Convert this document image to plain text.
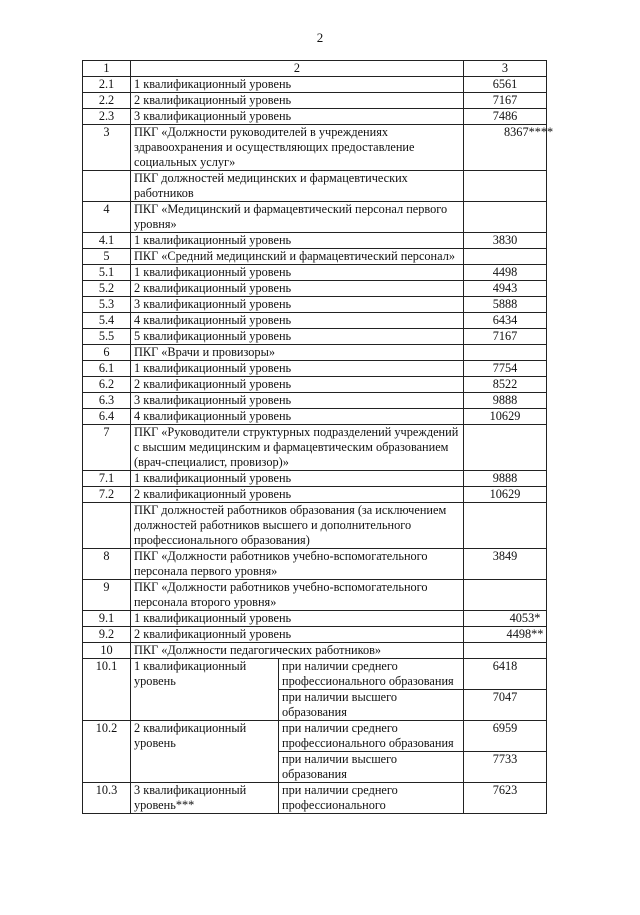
2
1	2		3
2.1	1 квалификационный уровень		6561
2.2	2 квалификационный уровень		7167
2.3	3 квалификационный уровень		7486
3	ПКГ «Должности руководителей в учреждениях здравоохранения и осуществляющих предоставление социальных услуг»		8367****
	ПКГ должностей медицинских и фармацевтических работников		
4	ПКГ «Медицинский и фармацевтический персонал первого уровня»		
4.1	1 квалификационный уровень		3830
5	ПКГ «Средний медицинский и фармацевтический персонал»		
5.1	1 квалификационный уровень		4498
5.2	2 квалификационный уровень		4943
5.3	3 квалификационный уровень		5888
5.4	4 квалификационный уровень		6434
5.5	5 квалификационный уровень		7167
6	ПКГ «Врачи и провизоры»		
6.1	1 квалификационный уровень		7754
6.2	2 квалификационный уровень		8522
6.3	3 квалификационный уровень		9888
6.4	4 квалификационный уровень		10629
7	ПКГ «Руководители структурных подразделений учреждений с высшим медицинским и фармацевтическим образованием (врач-специалист, провизор)»		
7.1	1 квалификационный уровень		9888
7.2	2 квалификационный уровень		10629
	ПКГ должностей работников образования (за исключением должностей работников высшего и дополнительного профессионального образования)		
8	ПКГ «Должности работников учебно-вспомогательного персонала первого уровня»		3849
9	ПКГ «Должности работников учебно-вспомогательного персонала второго уровня»		
9.1	1 квалификационный уровень		4053*
9.2	2 квалификационный уровень		4498**
10	ПКГ «Должности педагогических работников»		
10.1	1 квалификационный уровень	при наличии среднего профессионального образования	6418
		при наличии высшего образования	7047
10.2	2 квалификационный уровень	при наличии среднего профессионального образования	6959
		при наличии высшего образования	7733
10.3	3 квалификационный уровень***	при наличии среднего профессионального	7623
